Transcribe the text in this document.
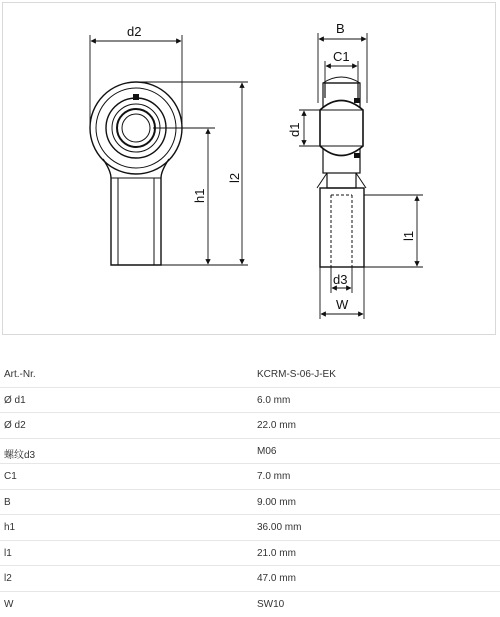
d2
l2
h1
B
C1
d1
l1
d3
W
Art.-Nr.	KCRM-S-06-J-EK
Ø d1	6.0 mm
Ø d2	22.0 mm
螺纹d3	M06
C1	7.0 mm
B	9.00 mm
h1	36.00 mm
l1	21.0 mm
l2	47.0 mm
W	SW10
